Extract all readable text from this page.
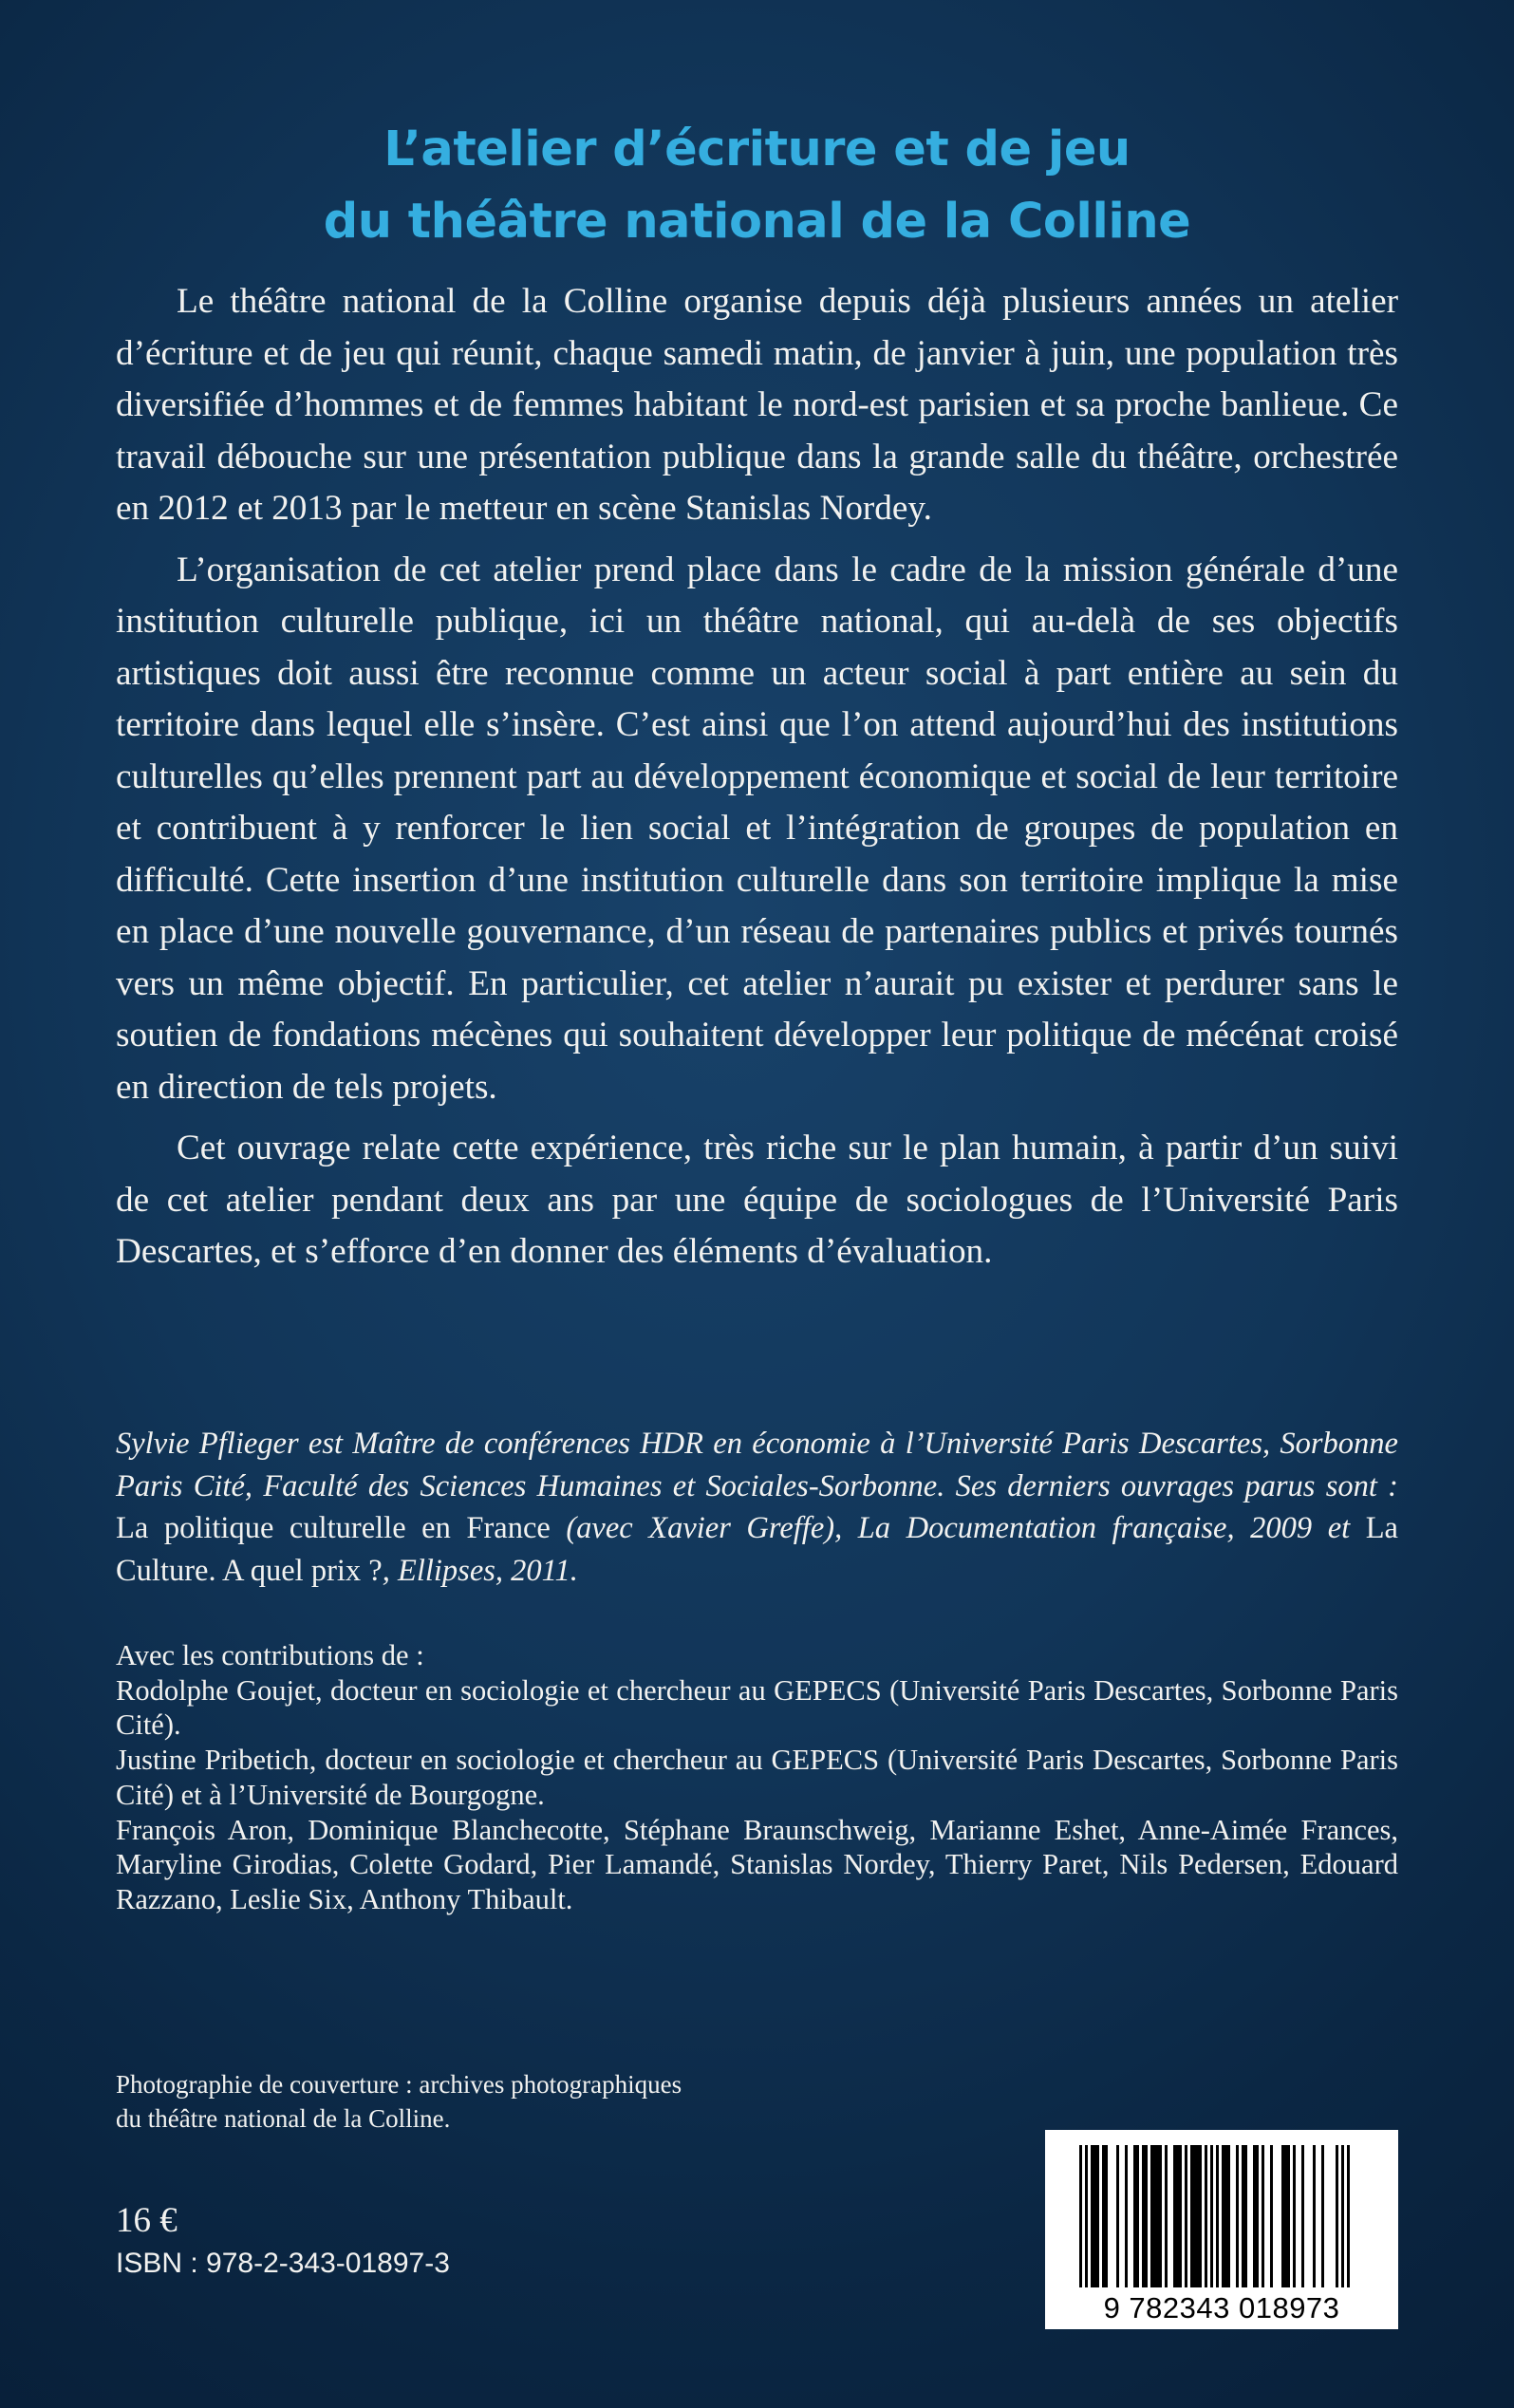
L’atelier d’écriture et de jeu
du théâtre national de la Colline

Le théâtre national de la Colline organise depuis déjà plusieurs années un atelier d’écriture et de jeu qui réunit, chaque samedi matin, de janvier à juin, une population très diversifiée d’hommes et de femmes habitant le nord-est parisien et sa proche banlieue. Ce travail débouche sur une présentation publique dans la grande salle du théâtre, orchestrée en 2012 et 2013 par le metteur en scène Stanislas Nordey.

L’organisation de cet atelier prend place dans le cadre de la mission générale d’une institution culturelle publique, ici un théâtre national, qui au-delà de ses objectifs artistiques doit aussi être reconnue comme un acteur social à part entière au sein du territoire dans lequel elle s’insère. C’est ainsi que l’on attend aujourd’hui des institutions culturelles qu’elles prennent part au développement économique et social de leur territoire et contribuent à y renforcer le lien social et l’intégration de groupes de population en difficulté. Cette insertion d’une institution culturelle dans son territoire implique la mise en place d’une nouvelle gouvernance, d’un réseau de partenaires publics et privés tournés vers un même objectif. En particulier, cet atelier n’aurait pu exister et perdurer sans le soutien de fondations mécènes qui souhaitent développer leur politique de mécénat croisé en direction de tels projets.

Cet ouvrage relate cette expérience, très riche sur le plan humain, à partir d’un suivi de cet atelier pendant deux ans par une équipe de sociologues de l’Université Paris Descartes, et s’efforce d’en donner des éléments d’évaluation.

Sylvie Pflieger est Maître de conférences HDR en économie à l’Université Paris Descartes, Sorbonne Paris Cité, Faculté des Sciences Humaines et Sociales-Sorbonne. Ses derniers ouvrages parus sont : La politique culturelle en France (avec Xavier Greffe), La Documentation française, 2009 et La Culture. A quel prix ?, Ellipses, 2011.
Avec les contributions de :
Rodolphe Goujet, docteur en sociologie et chercheur au GEPECS (Université Paris Descartes, Sorbonne Paris Cité).
Justine Pribetich, docteur en sociologie et chercheur au GEPECS (Université Paris Descartes, Sorbonne Paris Cité) et à l’Université de Bourgogne.
François Aron, Dominique Blanchecotte, Stéphane Braunschweig, Marianne Eshet, Anne-Aimée Frances, Maryline Girodias, Colette Godard, Pier Lamandé, Stanislas Nordey, Thierry Paret, Nils Pedersen, Edouard Razzano, Leslie Six, Anthony Thibault.
Photographie de couverture : archives photographiques
du théâtre national de la Colline.
16 €
ISBN : 978-2-343-01897-3
9 782343 018973
